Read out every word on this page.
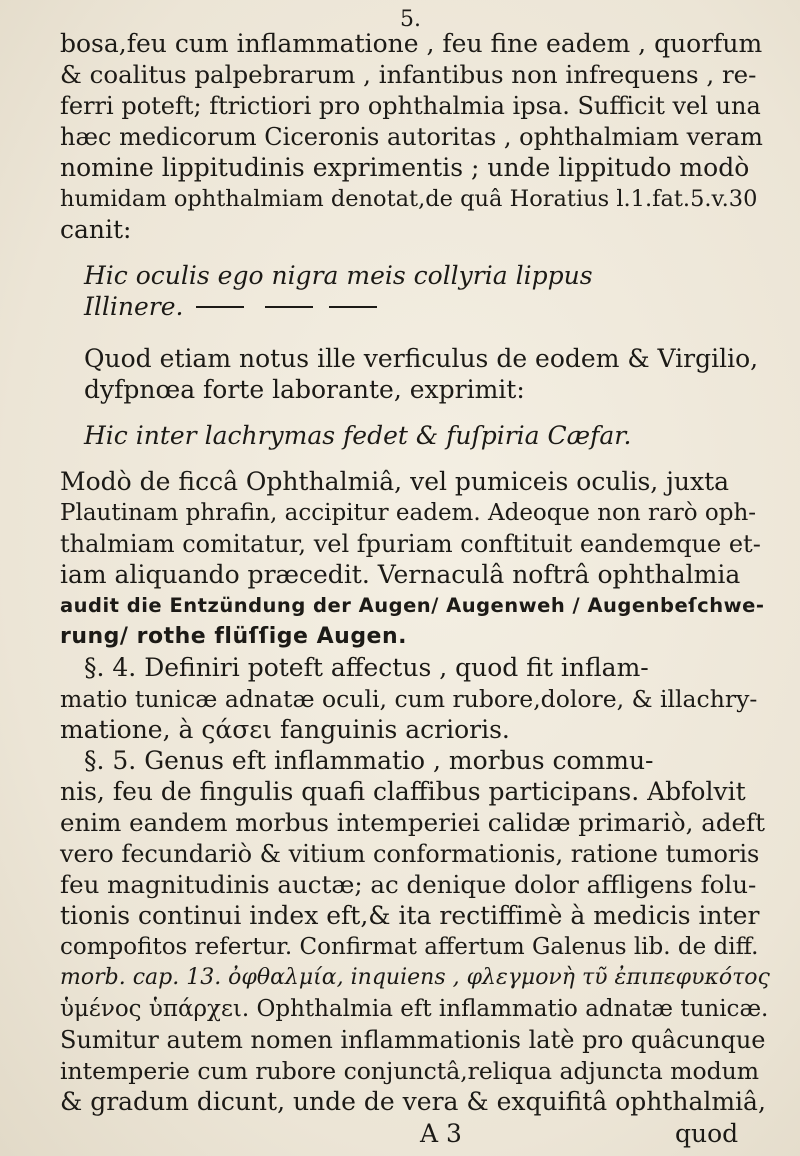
5.
bosa,feu cum inflammatione , feu fine eadem , quorfum
& coalitus palpebrarum , infantibus non infrequens , re-
ferri poteft; ftrictiori pro ophthalmia ipsa. Sufficit vel una
hæc medicorum Ciceronis autoritas , ophthalmiam veram
nomine lippitudinis exprimentis ; unde lippitudo modò
humidam ophthalmiam denotat,de quâ Horatius l.1.fat.5.v.30
canit:
Hic oculis ego nigra meis collyria lippus
Illinere.
Quod etiam notus ille verficulus de eodem & Virgilio,
dyfpnœa forte laborante, exprimit:
Hic inter lachrymas fedet & fuſpiria Cæfar.
Modò de ficcâ Ophthalmiâ, vel pumiceis oculis, juxta
Plautinam phrafin, accipitur eadem. Adeoque non rarò oph-
thalmiam comitatur, vel fpuriam conftituit eandemque et-
iam aliquando præcedit. Vernaculâ noftrâ ophthalmia
audit die Entzündung der Augen/ Augenweh / Augenbeſchwe-
rung/ rothe flüſſige Augen.
§. 4. Definiri poteft affectus , quod fit inflam-
matio tunicæ adnatæ oculi, cum rubore,dolore, & illachry-
matione, à ςάσει fanguinis acrioris.
§. 5. Genus eft inflammatio , morbus commu-
nis, feu de fingulis quafi claffibus participans. Abfolvit
enim eandem morbus intemperiei calidæ primariò, adeft
vero fecundariò & vitium conformationis, ratione tumoris
feu magnitudinis auctæ; ac denique dolor affligens folu-
tionis continui index eft,& ita rectiffimè à medicis inter
compofitos refertur. Confirmat affertum Galenus lib. de diff.
morb. cap. 13. ὀφθαλμία, inquiens , φλεγμονὴ τῦ ἐπιπεφυκότος
ὑμένος ὑπάρχει. Ophthalmia eft inflammatio adnatæ tunicæ.
Sumitur autem nomen inflammationis latè pro quâcunque
intemperie cum rubore conjunctâ,reliqua adjuncta modum
& gradum dicunt, unde de vera & exquifitâ ophthalmiâ,
A 3	quod
